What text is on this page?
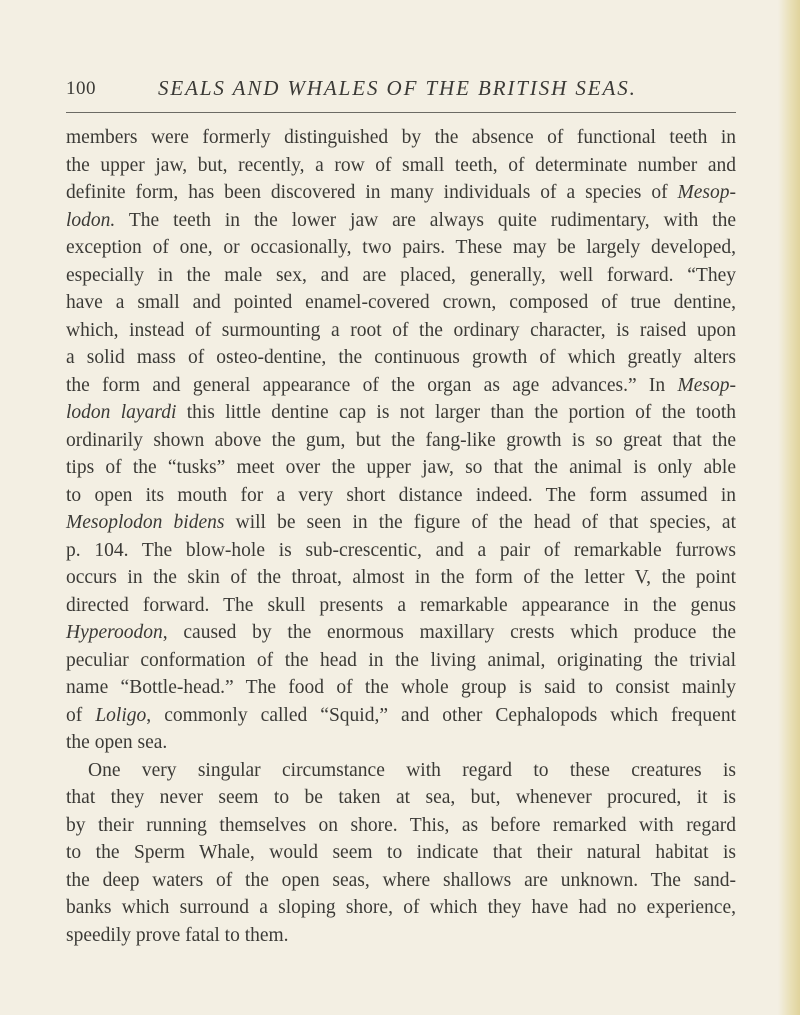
100	SEALS AND WHALES OF THE BRITISH SEAS.
members were formerly distinguished by the absence of functional teeth in
the upper jaw, but, recently, a row of small teeth, of determinate number and
definite form, has been discovered in many individuals of a species of Mesop-
lodon. The teeth in the lower jaw are always quite rudimentary, with the
exception of one, or occasionally, two pairs. These may be largely developed,
especially in the male sex, and are placed, generally, well forward. “They
have a small and pointed enamel-covered crown, composed of true dentine,
which, instead of surmounting a root of the ordinary character, is raised upon
a solid mass of osteo-dentine, the continuous growth of which greatly alters
the form and general appearance of the organ as age advances.” In Mesop-
lodon layardi this little dentine cap is not larger than the portion of the tooth
ordinarily shown above the gum, but the fang-like growth is so great that the
tips of the “tusks” meet over the upper jaw, so that the animal is only able
to open its mouth for a very short distance indeed. The form assumed in
Mesoplodon bidens will be seen in the figure of the head of that species, at
p. 104. The blow-hole is sub-crescentic, and a pair of remarkable furrows
occurs in the skin of the throat, almost in the form of the letter V, the point
directed forward. The skull presents a remarkable appearance in the genus
Hyperoodon, caused by the enormous maxillary crests which produce the
peculiar conformation of the head in the living animal, originating the trivial
name “Bottle-head.” The food of the whole group is said to consist mainly
of Loligo, commonly called “Squid,” and other Cephalopods which frequent
the open sea.
One very singular circumstance with regard to these creatures is
that they never seem to be taken at sea, but, whenever procured, it is
by their running themselves on shore. This, as before remarked with regard
to the Sperm Whale, would seem to indicate that their natural habitat is
the deep waters of the open seas, where shallows are unknown. The sand-
banks which surround a sloping shore, of which they have had no experience,
speedily prove fatal to them.
